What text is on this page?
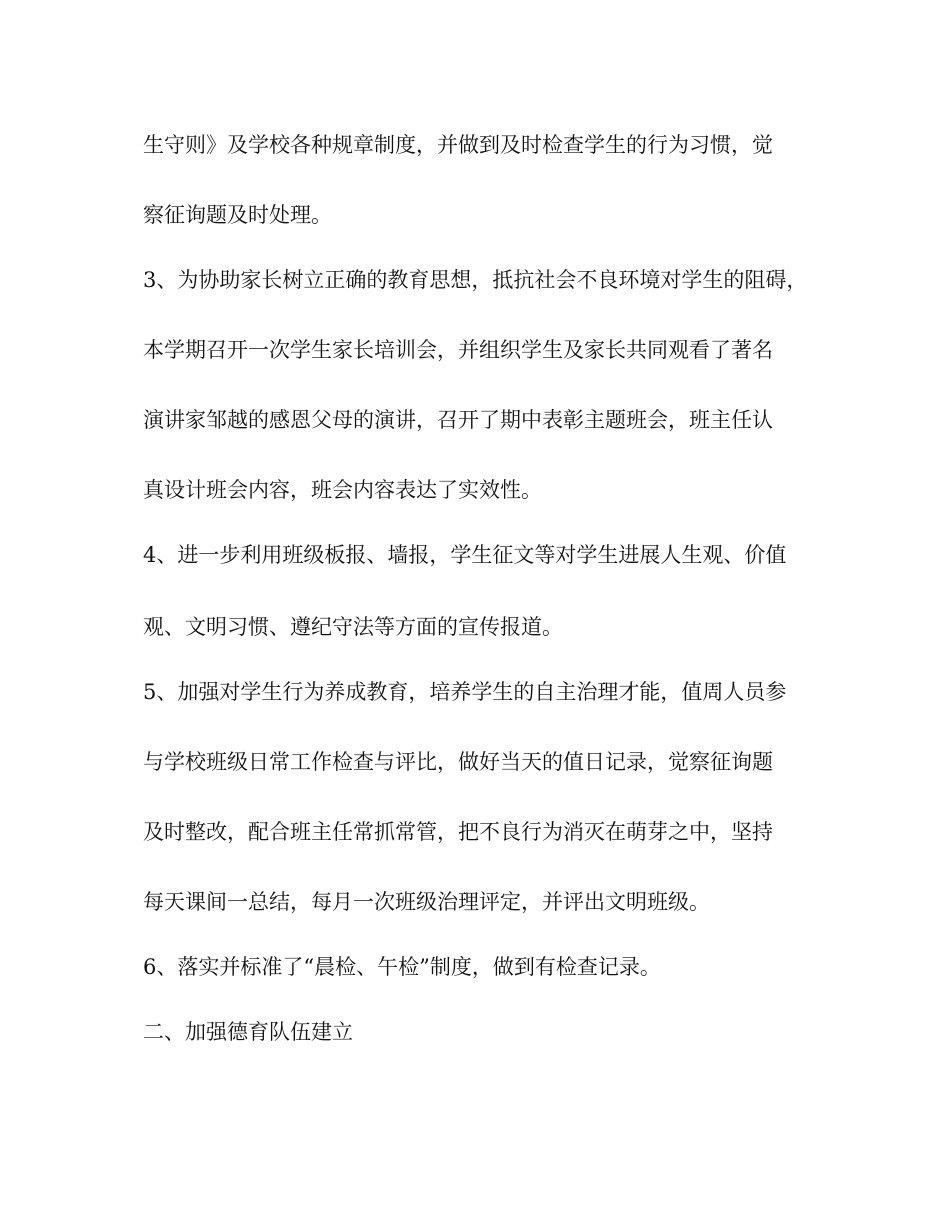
生守则》及学校各种规章制度，并做到及时检查学生的行为习惯，觉
察征询题及时处理。
3、为协助家长树立正确的教育思想，抵抗社会不良环境对学生的阻碍，
本学期召开一次学生家长培训会，并组织学生及家长共同观看了著名
演讲家邹越的感恩父母的演讲，召开了期中表彰主题班会，班主任认
真设计班会内容，班会内容表达了实效性。
4、进一步利用班级板报、墙报，学生征文等对学生进展人生观、价值
观、文明习惯、遵纪守法等方面的宣传报道。
5、加强对学生行为养成教育，培养学生的自主治理才能，值周人员参
与学校班级日常工作检查与评比，做好当天的值日记录，觉察征询题
及时整改，配合班主任常抓常管，把不良行为消灭在萌芽之中，坚持
每天课间一总结，每月一次班级治理评定，并评出文明班级。
6、落实并标准了“晨检、午检”制度，做到有检查记录。
二、加强德育队伍建立
